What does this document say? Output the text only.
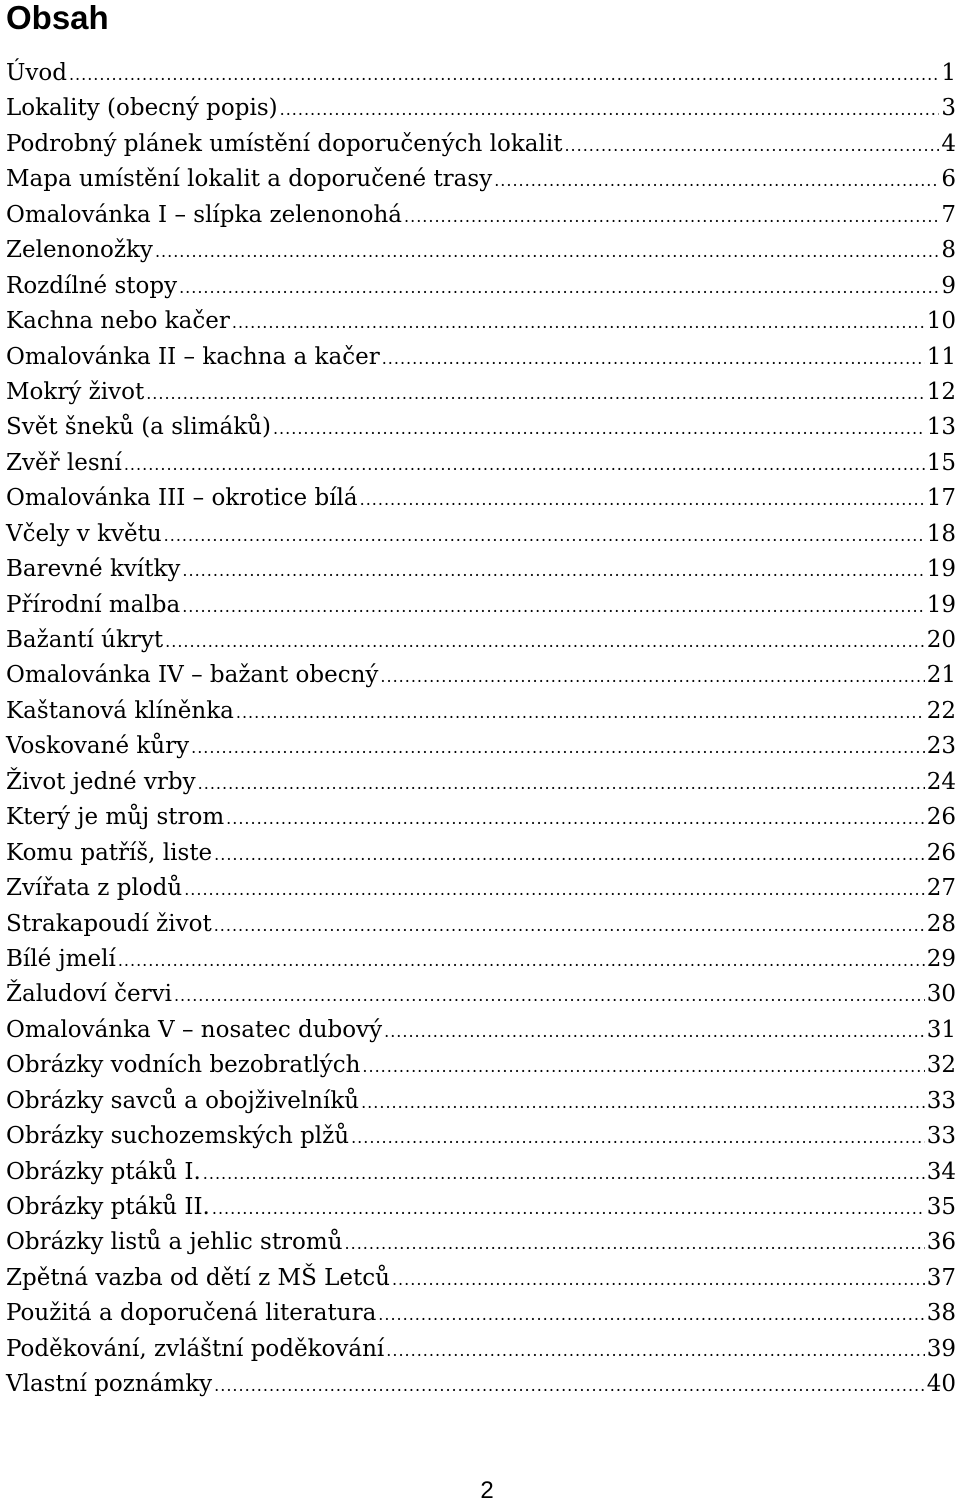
Obsah
Úvod .....	1
Lokality (obecný popis) .....	3
Podrobný plánek umístění doporučených lokalit .....	4
Mapa umístění lokalit a doporučené trasy .....	6
Omalovánka I – slípka zelenonohá .....	7
Zelenonožky .....	8
Rozdílné stopy .....	9
Kachna nebo kačer .....	10
Omalovánka II – kachna a kačer .....	11
Mokrý život .....	12
Svět šneků (a slimáků) .....	13
Zvěř lesní .....	15
Omalovánka III – okrotice bílá .....	17
Včely v květu .....	18
Barevné kvítky .....	19
Přírodní malba .....	19
Bažantí úkryt .....	20
Omalovánka IV – bažant obecný .....	21
Kaštanová klíněnka .....	22
Voskované kůry .....	23
Život jedné vrby .....	24
Který je můj strom .....	26
Komu patříš, liste .....	26
Zvířata z plodů .....	27
Strakapoudí život .....	28
Bílé jmelí .....	29
Žaludoví červi .....	30
Omalovánka V – nosatec dubový .....	31
Obrázky vodních bezobratlých .....	32
Obrázky savců a obojživelníků .....	33
Obrázky suchozemských plžů .....	33
Obrázky ptáků I. .....	34
Obrázky ptáků II. .....	35
Obrázky listů a jehlic stromů .....	36
Zpětná vazba od dětí z MŠ Letců .....	37
Použitá a doporučená literatura .....	38
Poděkování, zvláštní poděkování .....	39
Vlastní poznámky .....	40
2
